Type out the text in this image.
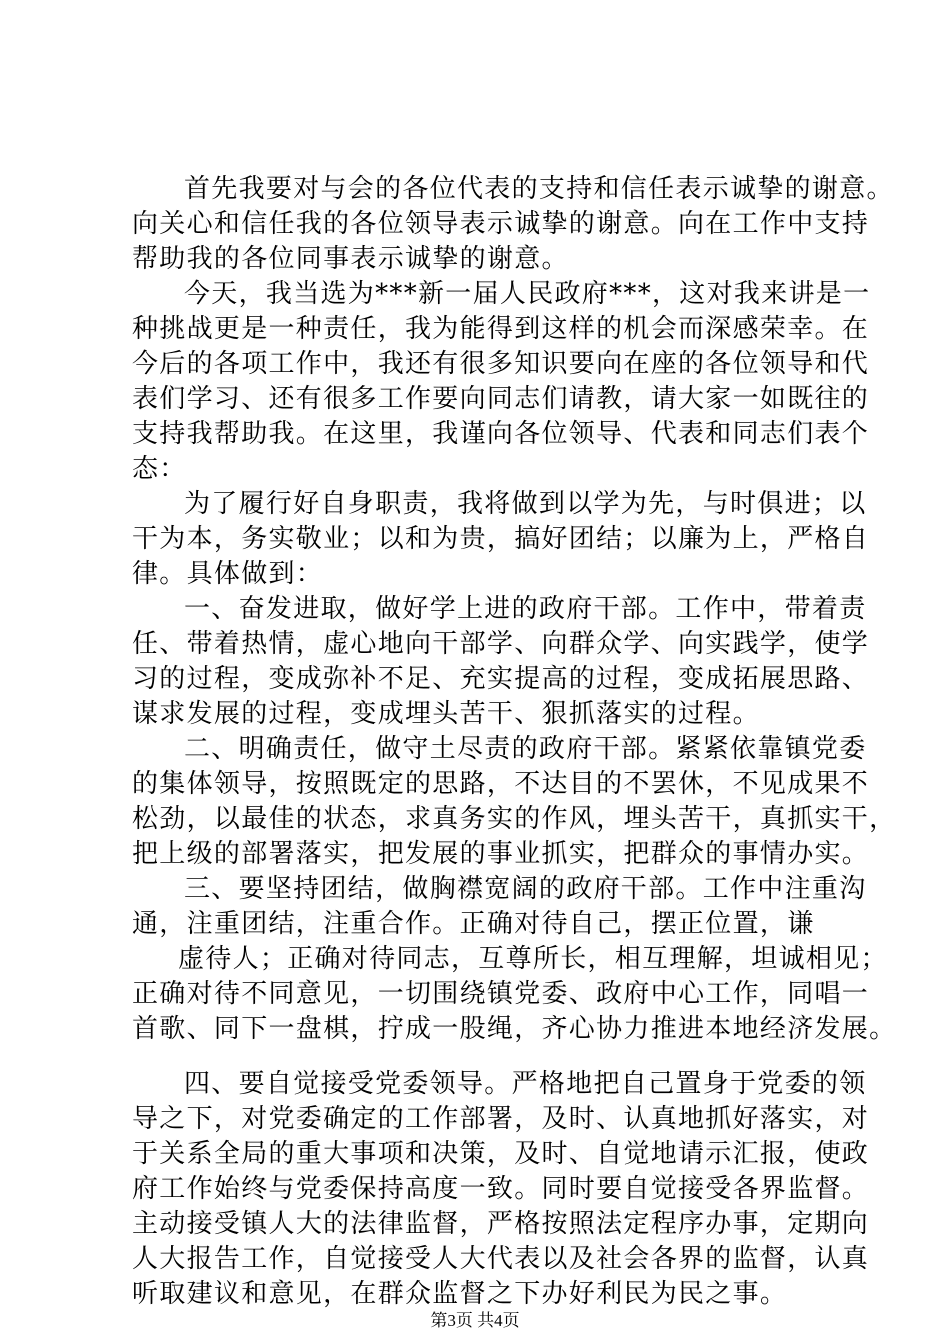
首先我要对与会的各位代表的支持和信任表示诚挚的谢意。
向关心和信任我的各位领导表示诚挚的谢意。向在工作中支持
帮助我的各位同事表示诚挚的谢意。
今天，我当选为***新一届人民政府***，这对我来讲是一
种挑战更是一种责任，我为能得到这样的机会而深感荣幸。在
今后的各项工作中，我还有很多知识要向在座的各位领导和代
表们学习、还有很多工作要向同志们请教，请大家一如既往的
支持我帮助我。在这里，我谨向各位领导、代表和同志们表个
态：
为了履行好自身职责，我将做到以学为先，与时俱进；以
干为本，务实敬业；以和为贵，搞好团结；以廉为上，严格自
律。具体做到：
一、奋发进取，做好学上进的政府干部。工作中，带着责
任、带着热情，虚心地向干部学、向群众学、向实践学，使学
习的过程，变成弥补不足、充实提高的过程，变成拓展思路、
谋求发展的过程，变成埋头苦干、狠抓落实的过程。
二、明确责任，做守土尽责的政府干部。紧紧依靠镇党委
的集体领导，按照既定的思路，不达目的不罢休，不见成果不
松劲，以最佳的状态，求真务实的作风，埋头苦干，真抓实干，
把上级的部署落实，把发展的事业抓实，把群众的事情办实。
三、要坚持团结，做胸襟宽阔的政府干部。工作中注重沟
通，注重团结，注重合作。正确对待自己，摆正位置，谦
虚待人；正确对待同志，互尊所长，相互理解，坦诚相见；
正确对待不同意见，一切围绕镇党委、政府中心工作，同唱一
首歌、同下一盘棋，拧成一股绳，齐心协力推进本地经济发展。
四、要自觉接受党委领导。严格地把自己置身于党委的领
导之下，对党委确定的工作部署，及时、认真地抓好落实，对
于关系全局的重大事项和决策，及时、自觉地请示汇报，使政
府工作始终与党委保持高度一致。同时要自觉接受各界监督。
主动接受镇人大的法律监督，严格按照法定程序办事，定期向
人大报告工作，自觉接受人大代表以及社会各界的监督，认真
听取建议和意见，在群众监督之下办好利民为民之事。
第3页 共4页
